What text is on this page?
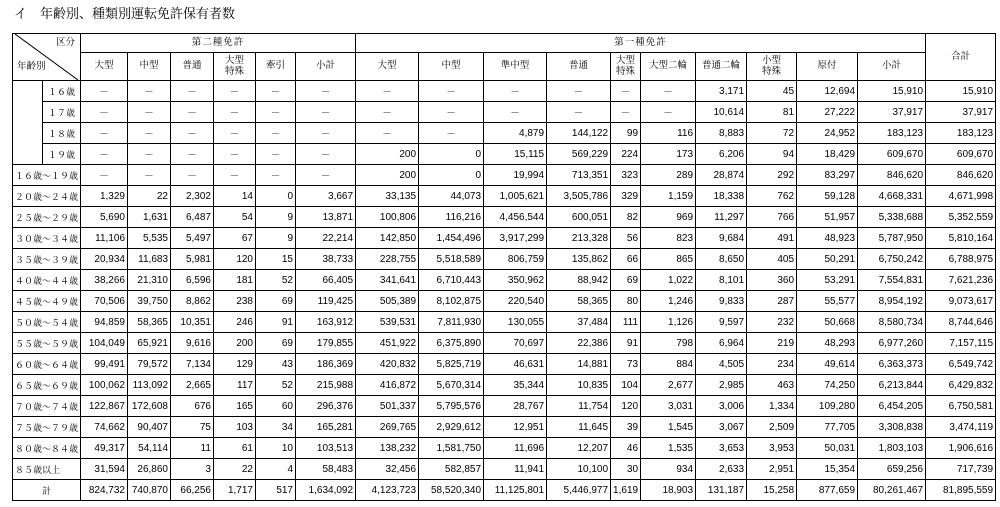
イ　年齢別、種類別運転免許保有者数
区分
年齢別		第二種免許						第一種免許										合計
		大型	中型	普通	大型特殊	牽引	小計	大型	中型	準中型	普通	大型特殊	大型二輪	普通二輪	小型特殊	原付	小計	
	１６歳	－	－	－	－	－	－	－	－	－	－	－	－	3,171	45	12,694	15,910	15,910
	１７歳	－	－	－	－	－	－	－	－	－	－	－	－	10,614	81	27,222	37,917	37,917
	１８歳	－	－	－	－	－	－	－	－	4,879	144,122	99	116	8,883	72	24,952	183,123	183,123
	１９歳	－	－	－	－	－	－	200	0	15,115	569,229	224	173	6,206	94	18,429	609,670	609,670
１６歳～１９歳		－	－	－	－	－	－	200	0	19,994	713,351	323	289	28,874	292	83,297	846,620	846,620
２０歳～２４歳		1,329	22	2,302	14	0	3,667	33,135	44,073	1,005,621	3,505,786	329	1,159	18,338	762	59,128	4,668,331	4,671,998
２５歳～２９歳		5,690	1,631	6,487	54	9	13,871	100,806	116,216	4,456,544	600,051	82	969	11,297	766	51,957	5,338,688	5,352,559
３０歳～３４歳		11,106	5,535	5,497	67	9	22,214	142,850	1,454,496	3,917,299	213,328	56	823	9,684	491	48,923	5,787,950	5,810,164
３５歳～３９歳		20,934	11,683	5,981	120	15	38,733	228,755	5,518,589	806,759	135,862	66	865	8,650	405	50,291	6,750,242	6,788,975
４０歳～４４歳		38,266	21,310	6,596	181	52	66,405	341,641	6,710,443	350,962	88,942	69	1,022	8,101	360	53,291	7,554,831	7,621,236
４５歳～４９歳		70,506	39,750	8,862	238	69	119,425	505,389	8,102,875	220,540	58,365	80	1,246	9,833	287	55,577	8,954,192	9,073,617
５０歳～５４歳		94,859	58,365	10,351	246	91	163,912	539,531	7,811,930	130,055	37,484	111	1,126	9,597	232	50,668	8,580,734	8,744,646
５５歳～５９歳		104,049	65,921	9,616	200	69	179,855	451,922	6,375,890	70,697	22,386	91	798	6,964	219	48,293	6,977,260	7,157,115
６０歳～６４歳		99,491	79,572	7,134	129	43	186,369	420,832	5,825,719	46,631	14,881	73	884	4,505	234	49,614	6,363,373	6,549,742
６５歳～６９歳		100,062	113,092	2,665	117	52	215,988	416,872	5,670,314	35,344	10,835	104	2,677	2,985	463	74,250	6,213,844	6,429,832
７０歳～７４歳		122,867	172,608	676	165	60	296,376	501,337	5,795,576	28,767	11,754	120	3,031	3,006	1,334	109,280	6,454,205	6,750,581
７５歳～７９歳		74,662	90,407	75	103	34	165,281	269,765	2,929,612	12,951	11,645	39	1,545	3,067	2,509	77,705	3,308,838	3,474,119
８０歳～８４歳		49,317	54,114	11	61	10	103,513	138,232	1,581,750	11,696	12,207	46	1,535	3,653	3,953	50,031	1,803,103	1,906,616
８５歳以上		31,594	26,860	3	22	4	58,483	32,456	582,857	11,941	10,100	30	934	2,633	2,951	15,354	659,256	717,739
計		824,732	740,870	66,256	1,717	517	1,634,092	4,123,723	58,520,340	11,125,801	5,446,977	1,619	18,903	131,187	15,258	877,659	80,261,467	81,895,559
